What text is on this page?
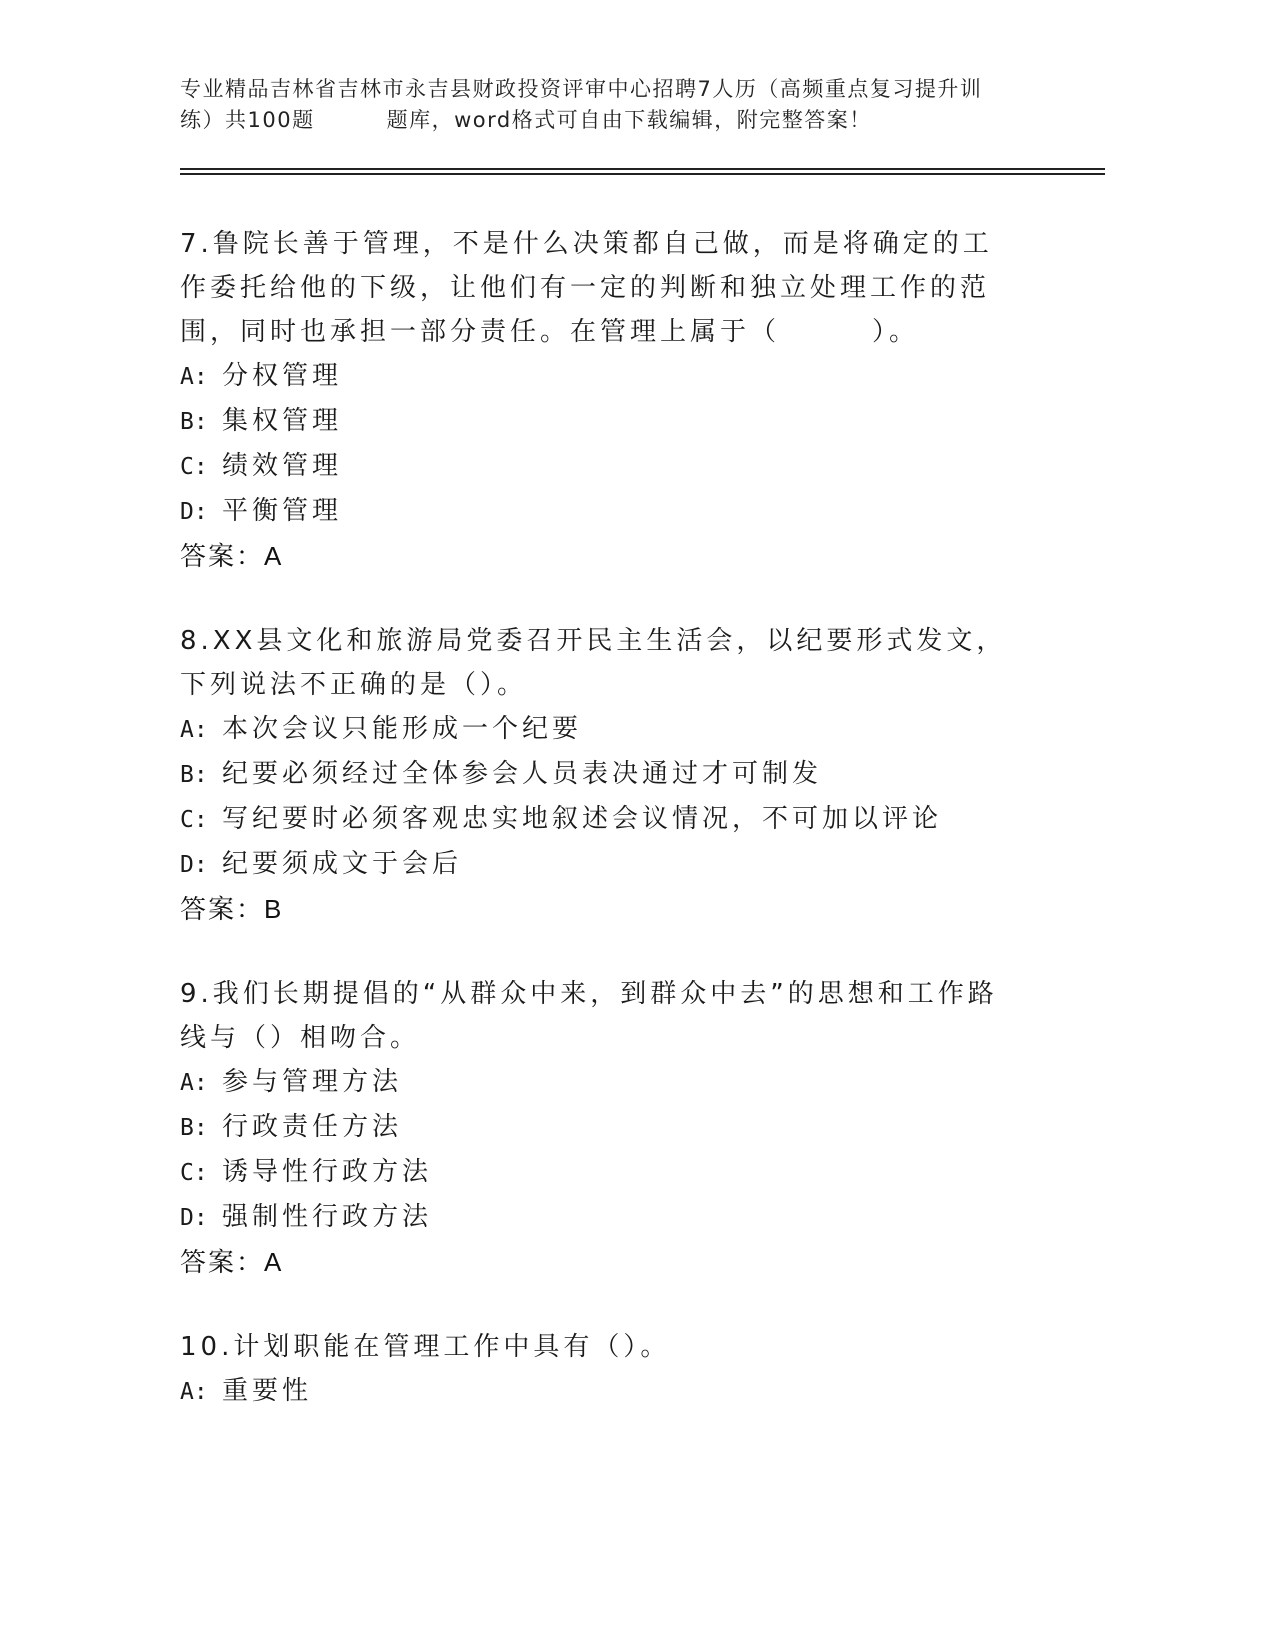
专业精品吉林省吉林市永吉县财政投资评审中心招聘7人历（高频重点复习提升训
练）共100题	题库，word格式可自由下载编辑，附完整答案！

7.鲁院长善于管理，不是什么决策都自己做，而是将确定的工作委托给他的下级，让他们有一定的判断和独立处理工作的范围，同时也承担一部分责任。在管理上属于（	）。

A: 分权管理
B: 集权管理
C: 绩效管理
D: 平衡管理
答案：A

8.XX县文化和旅游局党委召开民主生活会，以纪要形式发文，下列说法不正确的是（）。

A: 本次会议只能形成一个纪要
B: 纪要必须经过全体参会人员表决通过才可制发
C: 写纪要时必须客观忠实地叙述会议情况，不可加以评论
D: 纪要须成文于会后
答案：B

9.我们长期提倡的“从群众中来，到群众中去”的思想和工作路线与（）相吻合。

A: 参与管理方法
B: 行政责任方法
C: 诱导性行政方法
D: 强制性行政方法
答案：A

10.计划职能在管理工作中具有（）。

A: 重要性
